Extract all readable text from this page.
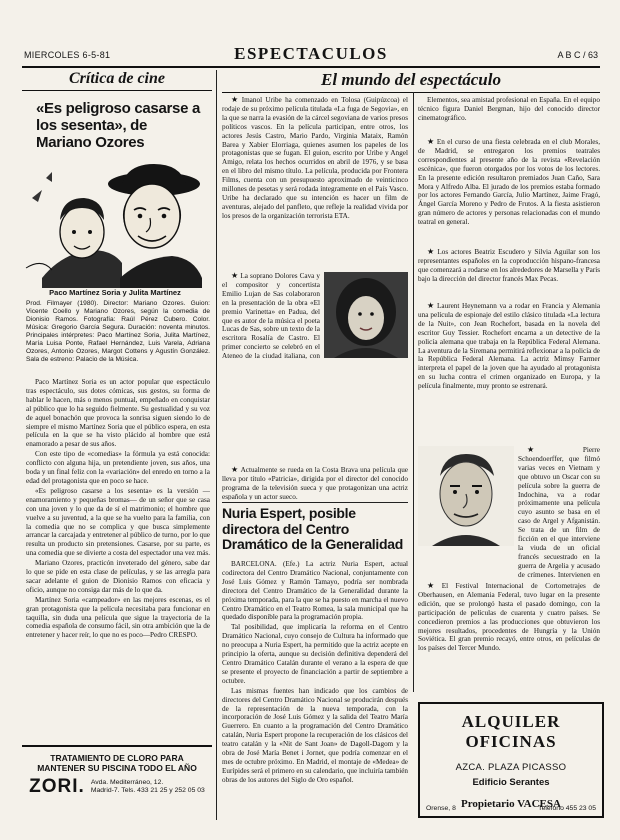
MIERCOLES 6-5-81	ESPECTACULOS	A B C / 63
Crítica de cine	El mundo del espectáculo
«Es peligroso casarse a los sesenta», de Mariano Ozores
Paco Martínez Soria y Julita Martínez
Prod. Filmayer (1980). Director: Mariano Ozores. Guion: Vicente Coello y Mariano Ozores, según la comedia de Dionisio Ramos. Fotografía: Raúl Pérez Cubero. Color. Música: Gregorio García Segura. Duración: noventa minutos. Principales intérpretes: Paco Martínez Soria, Julita Martínez, María Luisa Ponte, Rafael Hernández, Luis Varela, Adriana Ozores, Antonio Ozores, Margot Cottens y Agustín González. Sala de estreno: Palacio de la Música.

Paco Martínez Soria es un actor popular que espectáculo tras espectáculo, sus dotes cómicas, sus gestos, su forma de hablar le hacen, más o menos puntual, empeñado en conquistar al público que lo ha seguido fielmente. Su gestualidad y su voz de aquel bonachón que provoca la sonrisa siguen siendo lo de siempre el mismo Martínez Soria que el público espera, en esta película en la que se ha visto plácido al hombre que está enamorado a pesar de sus años.

Con este tipo de «comedias» la fórmula ya está conocida: conflicto con alguna hija, un pretendiente joven, sus años, una boda y un final feliz con la «variación» del enredo en torno a la edad del protagonista que en poco se hace.

«Es peligroso casarse a los sesenta» es la versión —enamoramiento y pequeñas bromas— de un señor que se casa con una joven y lo que da de sí el matrimonio; el hombre que vuelve a su juventud, a la que se ha vuelto para la familia, con la comedia que no se complica y que busca simplemente arrancar la carcajada y entretener al público de turno, por lo que resulta un producto sin pretensiones. Casarse, por su parte, es una comedia que se divierte a costa del espectador una vez más.

Mariano Ozores, practicón inveterado del género, sabe dar lo que se pide en esta clase de películas, y se las arregla para sacar adelante el guion de Dionisio Ramos con eficacia y oficio, aunque no consiga dar más de lo que da.

Martínez Soria «campeador» en las mejores escenas, es el gran protagonista que la película necesitaba para funcionar en taquilla, sin duda una película que sigue la trayectoria de la comedia española de consumo fácil, sin otra ambición que la de entretener y hacer reír, lo que no es poco—Pedro CRESPO.

TRATAMIENTO DE CLORO PARA
MANTENER SU PISCINA TODO EL AÑO
ZORI. Avda. Mediterráneo, 12.
Madrid-7. Tels. 433 21 25 y 252 05 03

★ Imanol Uribe ha comenzado en Tolosa (Guipúzcoa) el rodaje de su próximo película titulada «La fuga de Segovia», en la que se narra la evasión de la cárcel segoviana de varios presos políticos vascos. En la película participan, entre otros, los actores Jesús Castro, Mario Pardo, Virginia Mataix, Ramón Barea y Xabier Elorriaga, quienes asumen los papeles de los protagonistas que se fugan. El guion, escrito por Uribe y Angel Amigo, relata los hechos ocurridos en abril de 1976, y se basa en el libro del mismo título. La película, producida por Frontera Films, cuenta con un presupuesto aproximado de veinticinco millones de pesetas y será rodada íntegramente en el País Vasco. Uribe ha declarado que su intención es hacer un film de aventuras, alejado del panfleto, que refleje la realidad vivida por los presos de la organización terrorista ETA.

★ La soprano Dolores Cava y el compositor y concertista Emilio Lujan de Sas colaboraron en la presentación de la obra «El premio Varinetta» en Padua, del que es autor de la música el poeta Lucas de Sas, sobre un texto de la escritora Rosalía de Castro. El primer concierto se celebró en el Ateneo de la ciudad italiana, con

★ Actualmente se rueda en la Costa Brava una película que lleva por título «Patricia», dirigida por el director del conocido programa de la televisión sueca y que protagonizan una actriz española y un actor sueco.

Nuria Espert, posible directora del Centro Dramático de la Generalidad

BARCELONA. (Efe.) La actriz Nuria Espert, actual codirectora del Centro Dramático Nacional, conjuntamente con José Luis Gómez y Ramón Tamayo, podría ser nombrada directora del Centro Dramático de la Generalidad durante la próxima temporada, para la que se ha puesto en marcha el nuevo Centro Dramático en el Teatro Romea, la sala municipal que ha quedado disponible para la programación propia.

Tal posibilidad, que implicaría la reforma en el Centro Dramático Nacional, cuyo consejo de Cultura ha informado que no preocupa a Nuria Espert, ha permitido que la actriz acepte en principio la oferta, aunque su decisión definitiva dependerá del Centro Dramático Catalán durante el verano a la espera de que se presente el proyecto de financiación a partir de septiembre a octubre.

Las mismas fuentes han indicado que los cambios de directores del Centro Dramático Nacional se producirán después de la representación de la nueva temporada, con la incorporación de José Luis Gómez y la salida del Teatro María Guerrero. En cuanto a la programación del Centro Dramático catalán, Nuria Espert propone la recuperación de los clásicos del teatro catalán y la «Nit de Sant Joan» de Dagoll-Dagom y la obra de José María Benet i Jornet, que podría comenzar en el mes de octubre próximo. En Madrid, el montaje de «Medea» de Eurípides será el primero en su calendario, que incluiría también obras de los autores del Siglo de Oro español.

Elementos, sea amistad profesional en España. En el equipo técnico figura Daniel Bergman, hijo del conocido director cinematográfico.

★ En el curso de una fiesta celebrada en el club Morales, de Madrid, se entregaron los premios teatrales correspondientes al presente año de la revista «Revelación escénica», que fueron otorgados por los votos de los lectores. En la presente edición resultaron premiados Juan Caño, Sara Mora y Alfredo Alba. El jurado de los premios estaba formado por los actores Fernando García, Julio Martínez, Jaime Fragó, Ángel García Moreno y Pedro de Frutos. A la fiesta asistieron gran número de actores y personas relacionadas con el mundo teatral en general.

★ Los actores Beatriz Escudero y Silvia Aguilar son los representantes españoles en la coproducción hispano-francesa que comenzará a rodarse en los alrededores de Marsella y París bajo la dirección del director francés Max Pecas.

★ Laurent Heynemann va a rodar en Francia y Alemania una película de espionaje del estilo clásico titulada «La lectura de la Nuit», con Jean Rochefort, basada en la novela del escritor Guy Tessier. Rochefort encarna a un detective de la policía alemana que trabaja en la República Federal Alemana. La aventura de la Siremana permitirá reflexionar a la policía de la República Federal Alemana. La actriz Mimsy Farmer interpreta el papel de la joven que ha ayudado al protagonista en su lucha contra el crimen organizado en Europa, y la película finalmente, muy pronto se estrenará.

★ Pierre Schoendoerffer, que filmó varias veces en Vietnam y que obtuvo un Oscar con su película sobre la guerra de Indochina, va a rodar próximamente una película cuyo asunto se basa en el caso de Argel y Afganistán. Se trata de un film de ficción en el que interviene la viuda de un oficial francés secuestrado en la guerra de Argelia y acusado de crímenes. Intervienen en

★ El Festival Internacional de Cortometrajes de Oberhausen, en Alemania Federal, tuvo lugar en la presente edición, que se prolongó hasta el pasado domingo, con la participación de películas de cuarenta y cuatro países. Se concedieron premios a las producciones que obtuvieron los mejores resultados, procedentes de Hungría y la Unión Soviética. El gran premio recayó, entre otros, en películas de los países del Tercer Mundo.

ALQUILER OFICINAS
AZCA. PLAZA PICASSO
Edificio Serantes
Propietario VACESA
Orense, 8	Teléfono 455 23 05
